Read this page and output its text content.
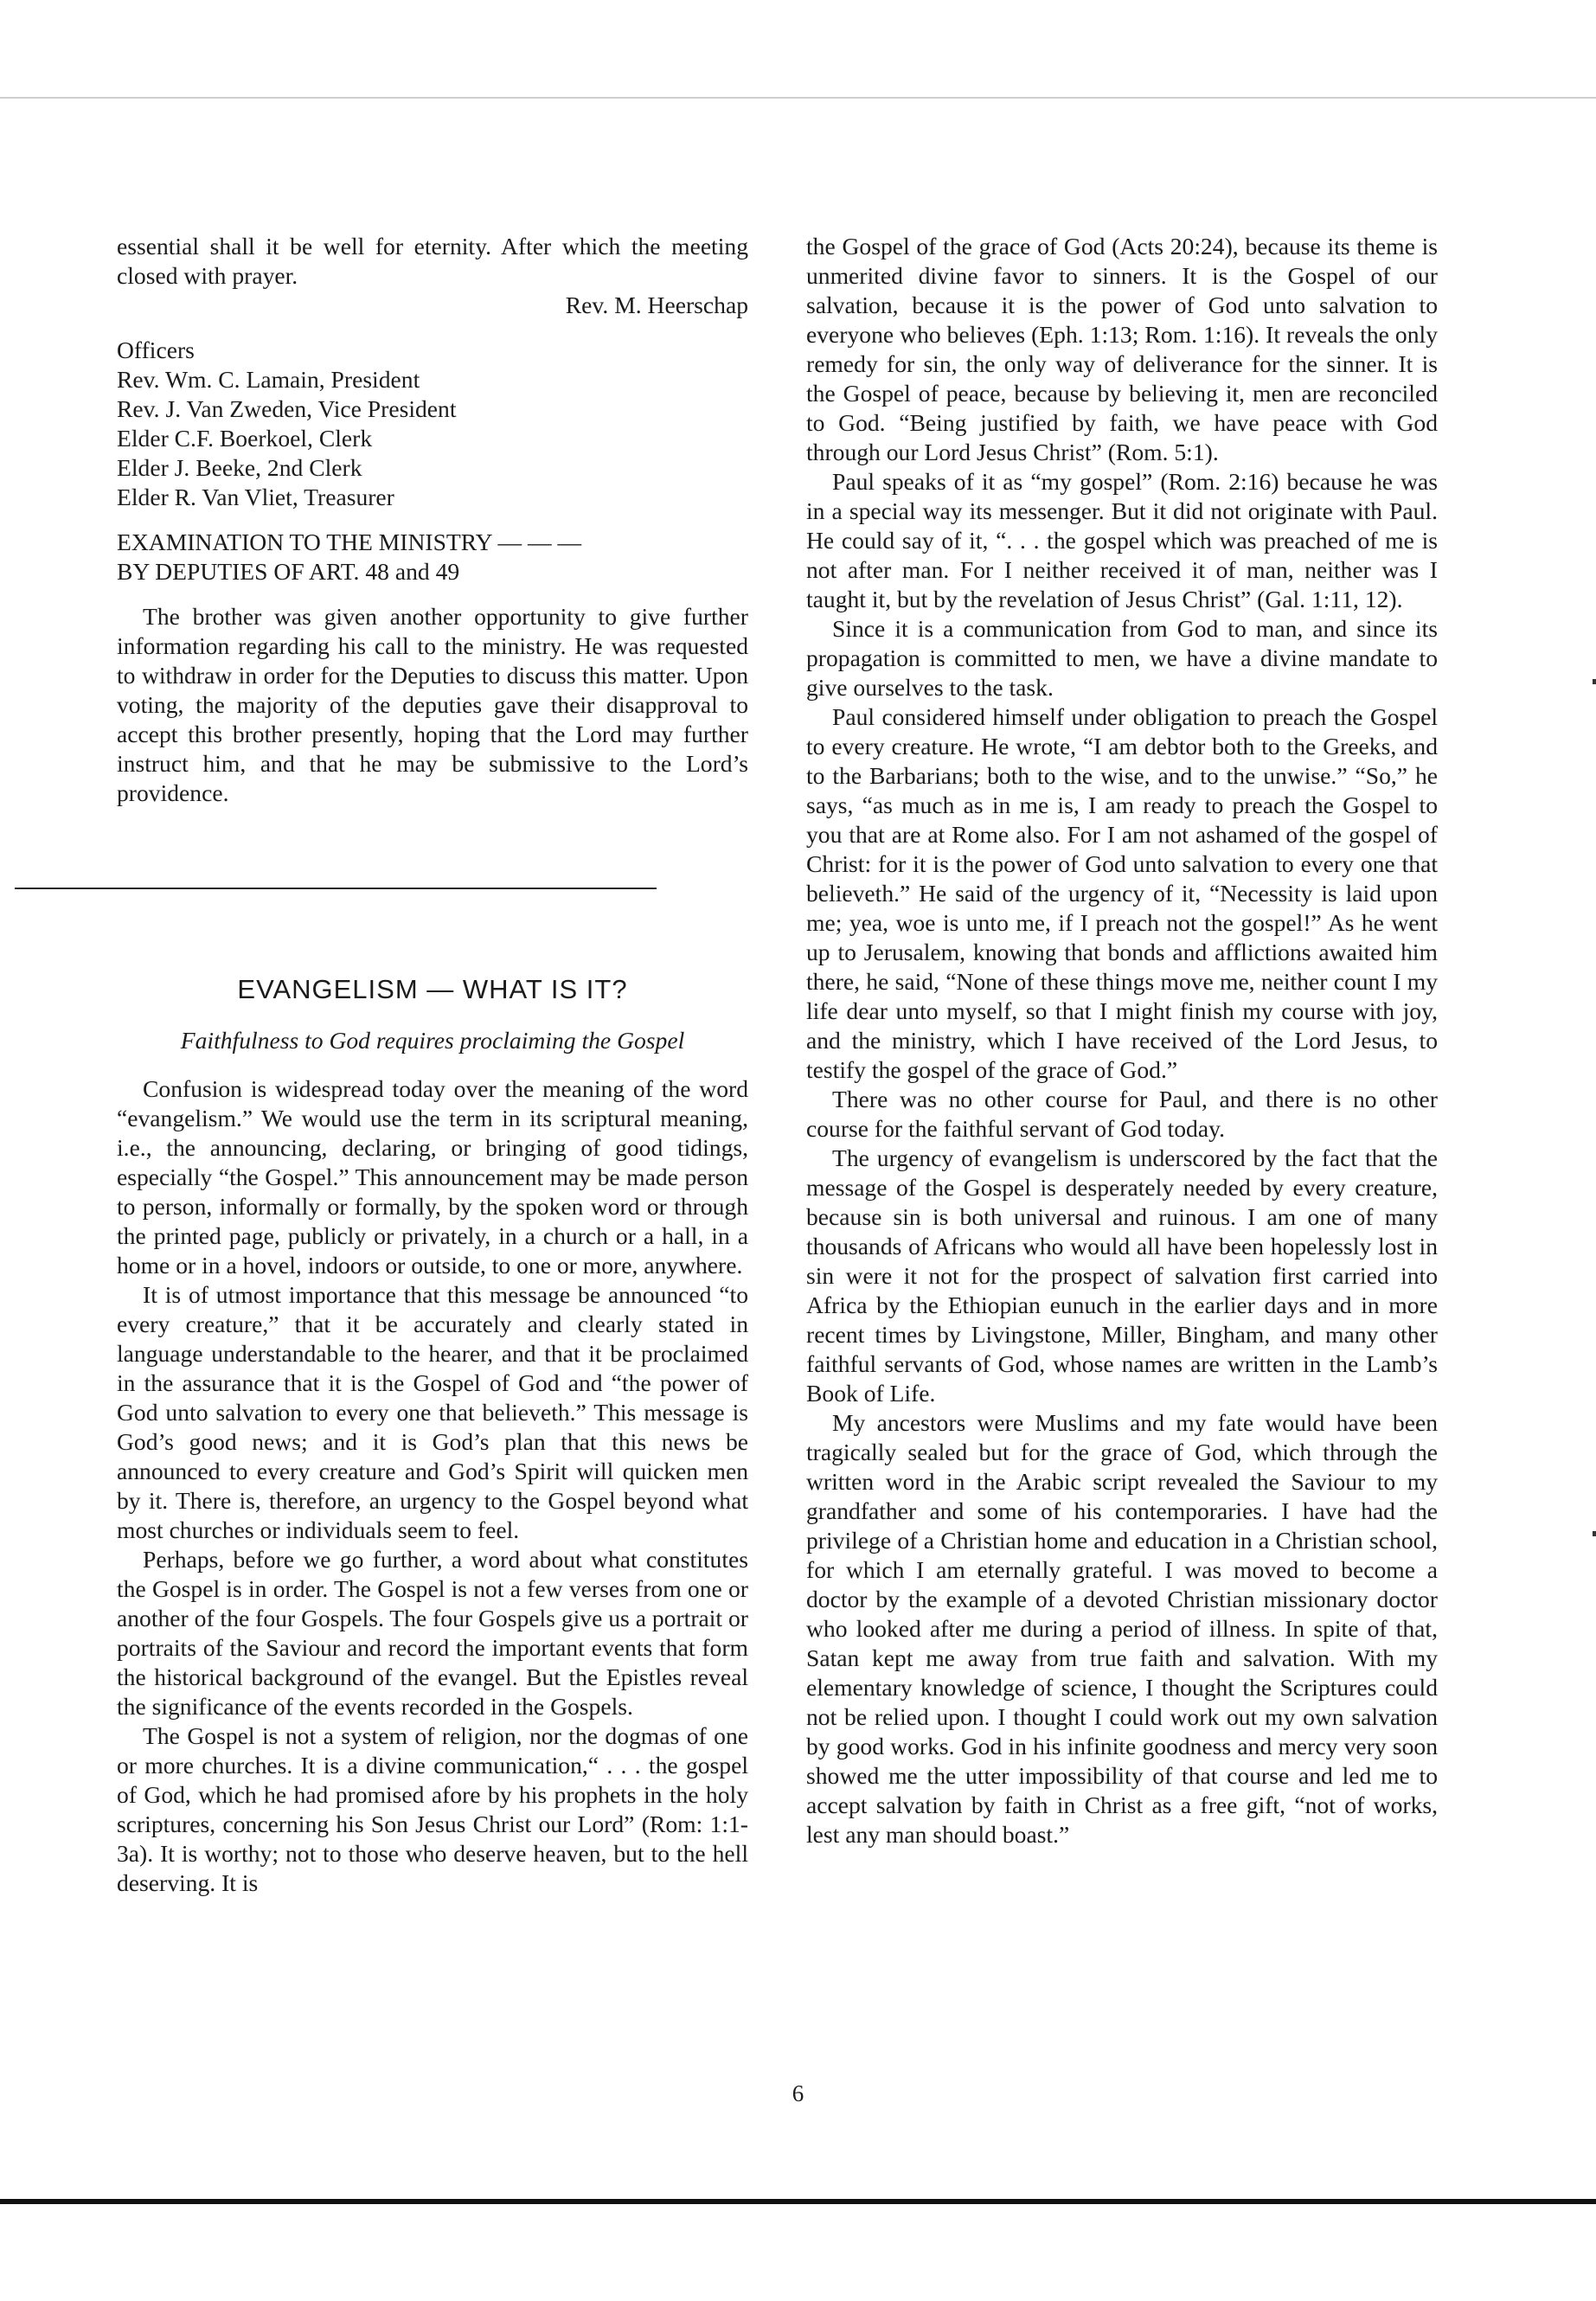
essential shall it be well for eternity. After which the meeting closed with prayer.

Rev. M. Heerschap

Officers
Rev. Wm. C. Lamain, President
Rev. J. Van Zweden, Vice President
Elder C.F. Boerkoel, Clerk
Elder J. Beeke, 2nd Clerk
Elder R. Van Vliet, Treasurer
EXAMINATION TO THE MINISTRY — — —
BY DEPUTIES OF ART. 48 and 49

The brother was given another opportunity to give further information regarding his call to the ministry. He was requested to withdraw in order for the Deputies to discuss this matter. Upon voting, the majority of the deputies gave their disapproval to accept this brother presently, hoping that the Lord may further instruct him, and that he may be submissive to the Lord’s providence.

EVANGELISM — WHAT IS IT?
Faithfulness to God requires proclaiming the Gospel

Confusion is widespread today over the meaning of the word “evangelism.” We would use the term in its scriptural meaning, i.e., the announcing, declaring, or bringing of good tidings, especially “the Gospel.” This announcement may be made person to person, informally or formally, by the spoken word or through the printed page, publicly or privately, in a church or a hall, in a home or in a hovel, indoors or outside, to one or more, anywhere.

It is of utmost importance that this message be announced “to every creature,” that it be accurately and clearly stated in language understandable to the hearer, and that it be proclaimed in the assurance that it is the Gospel of God and “the power of God unto salvation to every one that believeth.” This message is God’s good news; and it is God’s plan that this news be announced to every creature and God’s Spirit will quicken men by it. There is, therefore, an urgency to the Gospel beyond what most churches or individuals seem to feel.

Perhaps, before we go further, a word about what constitutes the Gospel is in order. The Gospel is not a few verses from one or another of the four Gospels. The four Gospels give us a portrait or portraits of the Saviour and record the important events that form the historical background of the evangel. But the Epistles reveal the significance of the events recorded in the Gospels.

The Gospel is not a system of religion, nor the dogmas of one or more churches. It is a divine communication,“ . . . the gospel of God, which he had promised afore by his prophets in the holy scriptures, concerning his Son Jesus Christ our Lord” (Rom: 1:1-3a). It is worthy; not to those who deserve heaven, but to the hell deserving. It is

the Gospel of the grace of God (Acts 20:24), because its theme is unmerited divine favor to sinners. It is the Gospel of our salvation, because it is the power of God unto salvation to everyone who believes (Eph. 1:13; Rom. 1:16). It reveals the only remedy for sin, the only way of deliverance for the sinner. It is the Gospel of peace, because by believing it, men are reconciled to God. “Being justified by faith, we have peace with God through our Lord Jesus Christ” (Rom. 5:1).

Paul speaks of it as “my gospel” (Rom. 2:16) because he was in a special way its messenger. But it did not originate with Paul. He could say of it, “. . . the gospel which was preached of me is not after man. For I neither received it of man, neither was I taught it, but by the revelation of Jesus Christ” (Gal. 1:11, 12).

Since it is a communication from God to man, and since its propagation is committed to men, we have a divine mandate to give ourselves to the task.

Paul considered himself under obligation to preach the Gospel to every creature. He wrote, “I am debtor both to the Greeks, and to the Barbarians; both to the wise, and to the unwise.” “So,” he says, “as much as in me is, I am ready to preach the Gospel to you that are at Rome also. For I am not ashamed of the gospel of Christ: for it is the power of God unto salvation to every one that believeth.” He said of the urgency of it, “Necessity is laid upon me; yea, woe is unto me, if I preach not the gospel!” As he went up to Jerusalem, knowing that bonds and afflictions awaited him there, he said, “None of these things move me, neither count I my life dear unto myself, so that I might finish my course with joy, and the ministry, which I have received of the Lord Jesus, to testify the gospel of the grace of God.”

There was no other course for Paul, and there is no other course for the faithful servant of God today.

The urgency of evangelism is underscored by the fact that the message of the Gospel is desperately needed by every creature, because sin is both universal and ruinous. I am one of many thousands of Africans who would all have been hopelessly lost in sin were it not for the prospect of salvation first carried into Africa by the Ethiopian eunuch in the earlier days and in more recent times by Livingstone, Miller, Bingham, and many other faithful servants of God, whose names are written in the Lamb’s Book of Life.

My ancestors were Muslims and my fate would have been tragically sealed but for the grace of God, which through the written word in the Arabic script revealed the Saviour to my grandfather and some of his contemporaries. I have had the privilege of a Christian home and education in a Christian school, for which I am eternally grateful. I was moved to become a doctor by the example of a devoted Christian missionary doctor who looked after me during a period of illness. In spite of that, Satan kept me away from true faith and salvation. With my elementary knowledge of science, I thought the Scriptures could not be relied upon. I thought I could work out my own salvation by good works. God in his infinite goodness and mercy very soon showed me the utter impossibility of that course and led me to accept salvation by faith in Christ as a free gift, “not of works, lest any man should boast.”

6
